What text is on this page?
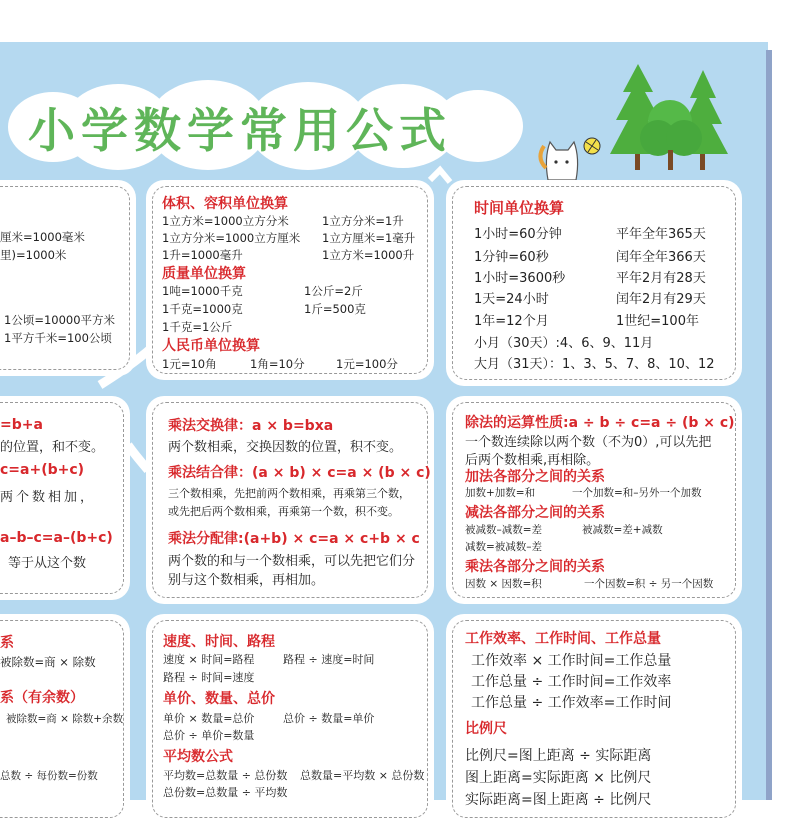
小学数学常用公式
厘米=1000毫米
里)=1000米
1公顷=10000平方米
1平方千米=100公顷
体积、容积单位换算
1立方米=1000立方分米	1立方分米=1升
1立方分米=1000立方厘米 1立方厘米=1毫升
1升=1000毫升	1立方米=1000升
质量单位换算
1吨=1000千克	1公斤=2斤
1千克=1000克	1斤=500克
1千克=1公斤
人民币单位换算
1元=10角	1角=10分	1元=100分
时间单位换算
1小时=60分钟	平年全年365天
1分钟=60秒	闰年全年366天
1小时=3600秒	平年2月有28天
1天=24小时	闰年2月有29天
1年=12个月	1世纪=100年
小月（30天）:4、6、9、11月
大月（31天）：1、3、5、7、8、10、12
=b+a
的位置，和不变。
c=a+(b+c)
两个数相加，
再与第三
a–b–c=a–(b+c)
等于从这个数
乘法交换律：a × b=bxa
两个数相乘，交换因数的位置，积不变。
乘法结合律：(a × b) × c=a × (b × c)
三个数相乘，先把前两个数相乘，再乘第三个数，
或先把后两个数相乘，再乘第一个数，积不变。
乘法分配律:(a+b) × c=a × c+b × c
两个数的和与一个数相乘，可以先把它们分
别与这个数相乘，再相加。
除法的运算性质:a ÷ b ÷ c=a ÷ (b × c)
一个数连续除以两个数（不为0）,可以先把
后两个数相乘,再相除。
加法各部分之间的关系
加数+加数=和	一个加数=和–另外一个加数
减法各部分之间的关系
被减数–减数=差	被减数=差+减数
减数=被减数–差
乘法各部分之间的关系
因数 × 因数=积	一个因数=积 ÷ 另一个因数
系
被除数=商 × 除数
系（有余数）
被除数=商 × 除数+余数
总数 ÷ 每份数=份数
速度、时间、路程
速度 × 时间=路程	路程 ÷ 速度=时间
路程 ÷ 时间=速度
单价、数量、总价
单价 × 数量=总价	总价 ÷ 数量=单价
总价 ÷ 单价=数量
平均数公式
平均数=总数量 ÷ 总份数 总数量=平均数 × 总份数
总份数=总数量 ÷ 平均数
工作效率、工作时间、工作总量
工作效率 × 工作时间=工作总量
工作总量 ÷ 工作时间=工作效率
工作总量 ÷ 工作效率=工作时间
比例尺
比例尺=图上距离 ÷ 实际距离
图上距离=实际距离 × 比例尺
实际距离=图上距离 ÷ 比例尺
